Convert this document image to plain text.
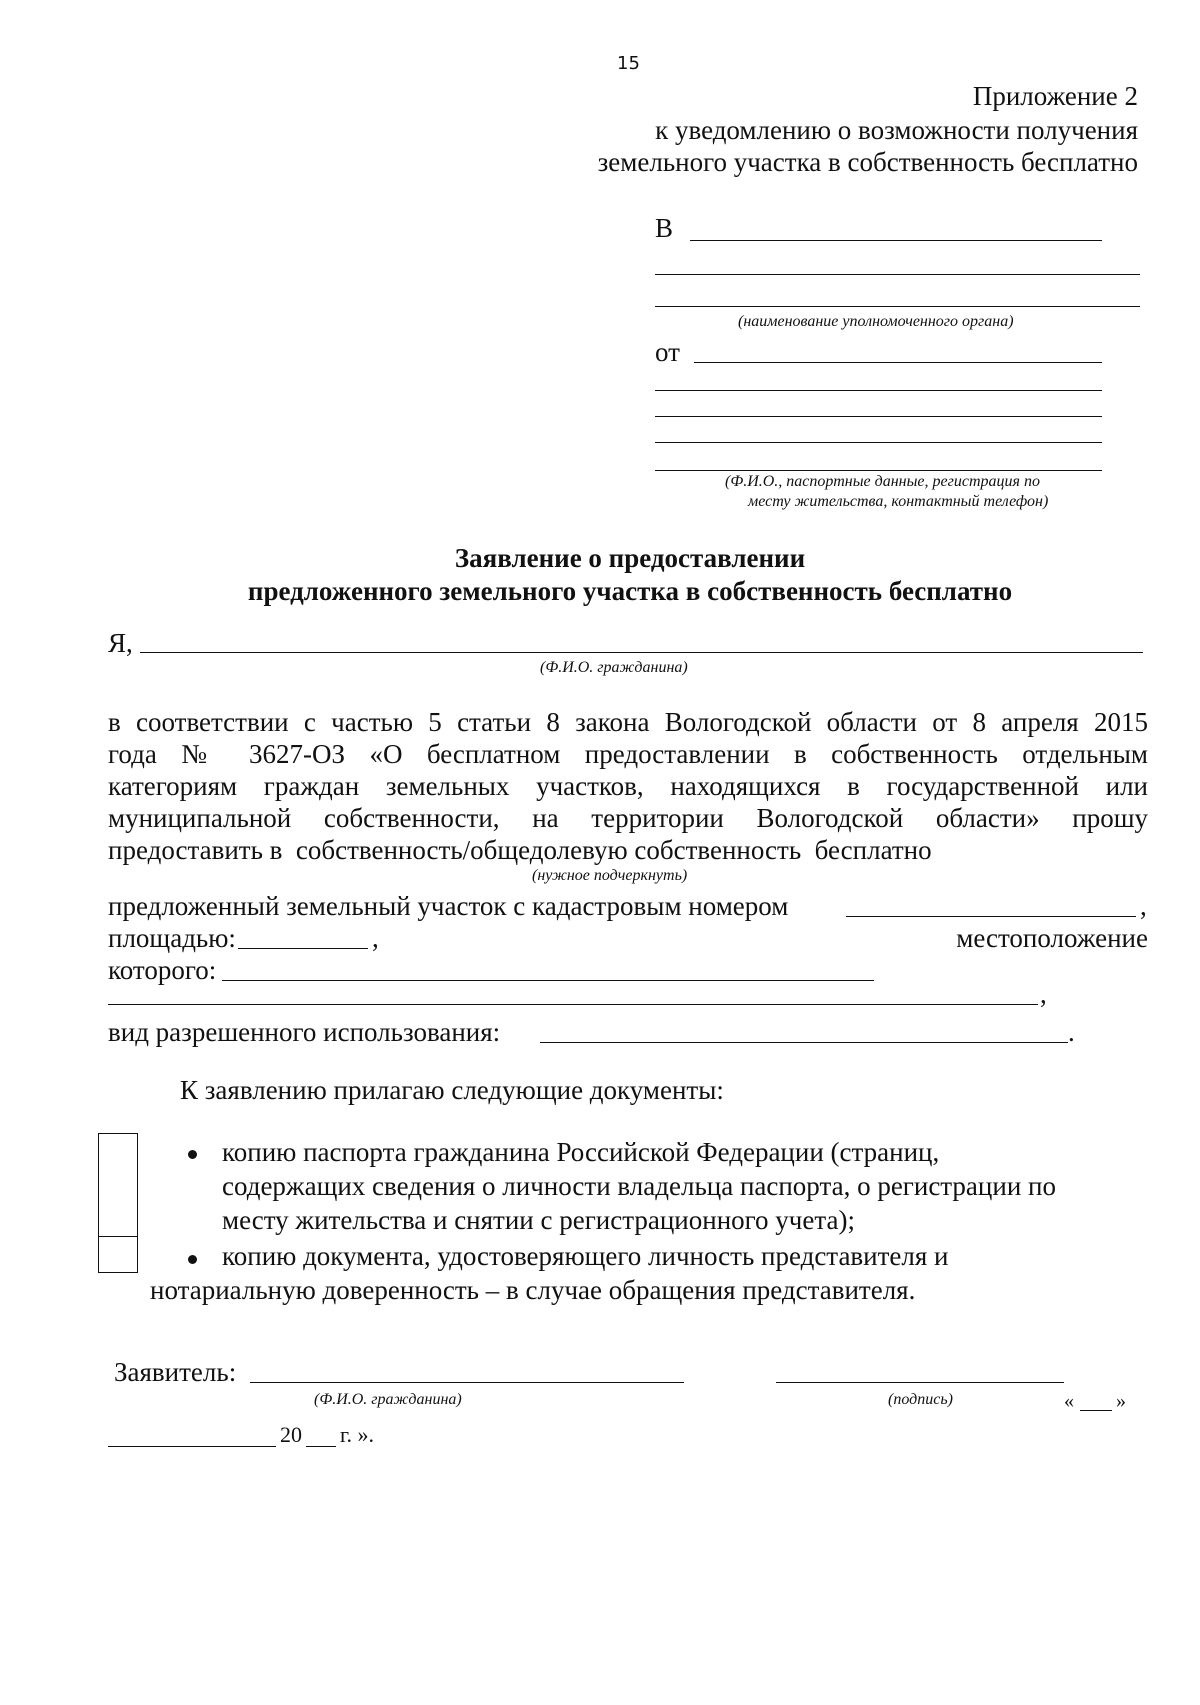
15
Приложение 2
к уведомлению о возможности получения
земельного участка в собственность бесплатно
В
(наименование уполномоченного органа)
от
(Ф.И.О., паспортные данные, регистрация по
месту жительства, контактный телефон)
Заявление о предоставлении
предложенного земельного участка в собственность бесплатно
Я,
(Ф.И.О. гражданина)
в соответствии с частью 5 статьи 8 закона Вологодской области от 8 апреля 2015
года № 3627-ОЗ «О бесплатном предоставлении в собственность отдельным
категориям граждан земельных участков, находящихся в государственной или
муниципальной собственности, на территории Вологодской области» прошу
предоставить в  собственность/общедолевую собственность  бесплатно
(нужное подчеркнуть)
предложенный земельный участок с кадастровым номером	,
площадью:	,	местоположение
которого:
,
вид разрешенного использования:	.
К заявлению прилагаю следующие документы:
копию паспорта гражданина Российской Федерации (страниц,
содержащих сведения о личности владельца паспорта, о регистрации по
месту жительства и снятии с регистрационного учета);
копию документа, удостоверяющего личность представителя и
нотариальную доверенность – в случае обращения представителя.
Заявитель:
(Ф.И.О. гражданина)	(подпись)	« »
20 г. ».
